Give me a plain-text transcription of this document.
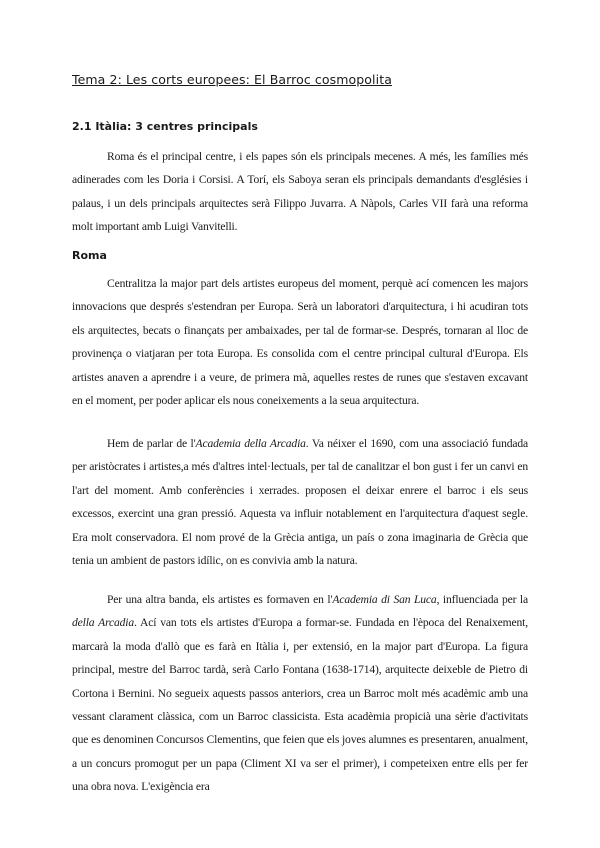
Tema 2: Les corts europees: El Barroc cosmopolita
2.1 Itàlia: 3 centres principals

Roma és el principal centre, i els papes són els principals mecenes. A més, les famílies més adinerades com les Doria i Corsisi. A Torí, els Saboya seran els principals demandants d'esglésies i palaus, i un dels principals arquitectes serà Filippo Juvarra. A Nàpols, Carles VII farà una reforma molt important amb Luigi Vanvitelli.

Roma

Centralitza la major part dels artistes europeus del moment, perquè ací comencen les majors innovacions que després s'estendran per Europa. Serà un laboratori d'arquitectura, i hi acudiran tots els arquitectes, becats o finançats per ambaixades, per tal de formar-se. Després, tornaran al lloc de provinença o viatjaran per tota Europa. Es consolida com el centre principal cultural d'Europa. Els artistes anaven a aprendre i a veure, de primera mà, aquelles restes de runes que s'estaven excavant en el moment, per poder aplicar els nous coneixements a la seua arquitectura.

Hem de parlar de l'Academia della Arcadia. Va néixer el 1690, com una associació fundada per aristòcrates i artistes,a més d'altres intel·lectuals, per tal de canalitzar el bon gust i fer un canvi en l'art del moment. Amb conferències i xerrades. proposen el deixar enrere el barroc i els seus excessos, exercint una gran pressió. Aquesta va influir notablement en l'arquitectura d'aquest segle. Era molt conservadora. El nom prové de la Grècia antiga, un país o zona imaginaria de Grècia que tenia un ambient de pastors idílic, on es convivia amb la natura.

Per una altra banda, els artistes es formaven en l'Academia di San Luca, influenciada per la della Arcadia. Ací van tots els artistes d'Europa a formar-se. Fundada en l'època del Renaixement, marcarà la moda d'allò que es farà en Itàlia i, per extensió, en la major part d'Europa. La figura principal, mestre del Barroc tardà, serà Carlo Fontana (1638-1714), arquitecte deixeble de Pietro di Cortona i Bernini. No segueix aquests passos anteriors, crea un Barroc molt més acadèmic amb una vessant clarament clàssica, com un Barroc classicista. Esta acadèmia propicià una sèrie d'activitats que es denominen Concursos Clementins, que feien que els joves alumnes es presentaren, anualment, a un concurs promogut per un papa (Climent XI va ser el primer), i competeixen entre ells per fer una obra nova. L'exigència era
